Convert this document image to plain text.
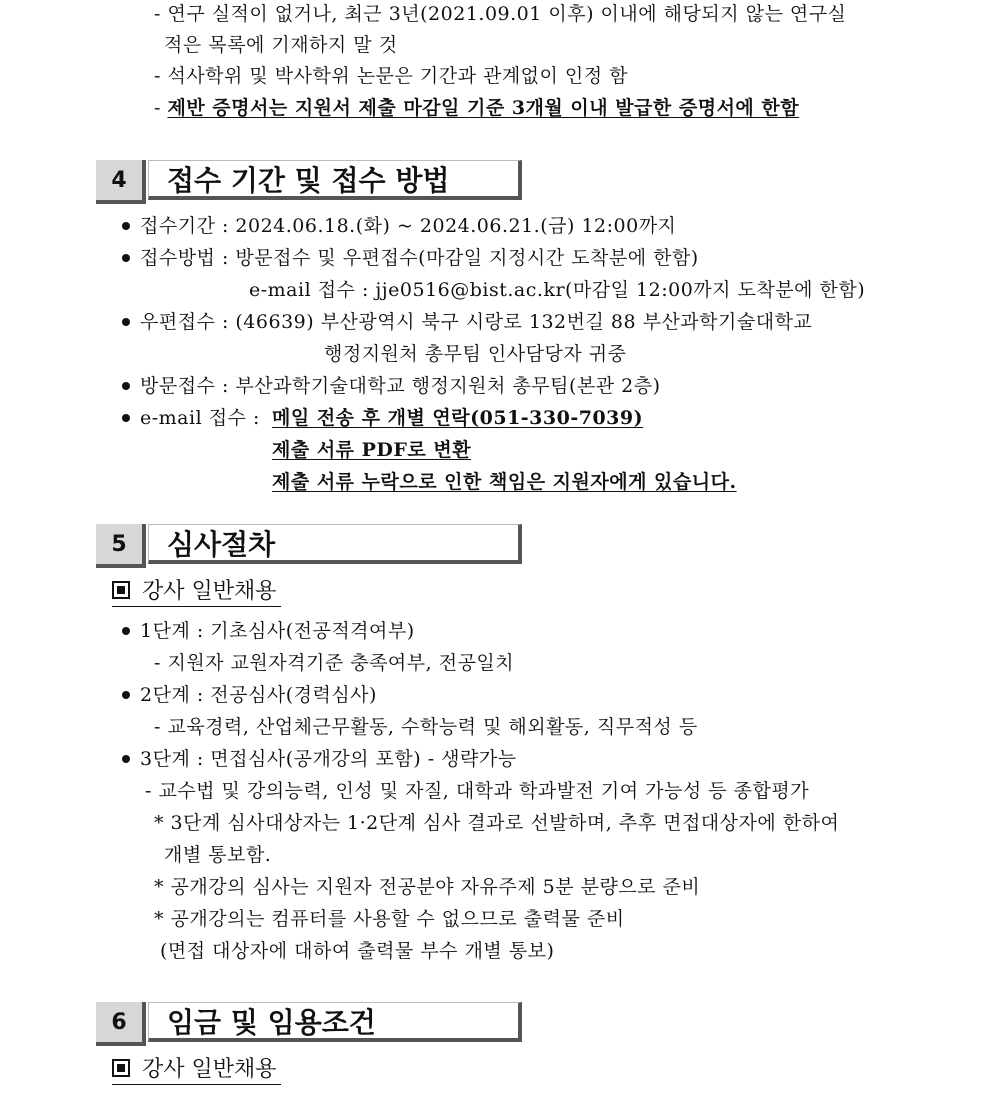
- 연구 실적이 없거나, 최근 3년(2021.09.01 이후) 이내에 해당되지 않는 연구실
적은 목록에 기재하지 말 것
- 석사학위 및 박사학위 논문은 기간과 관계없이 인정 함
- 제반 증명서는 지원서 제출 마감일 기준 3개월 이내 발급한 증명서에 한함
4	접수 기간 및 접수 방법
접수기간 : 2024.06.18.(화) ~ 2024.06.21.(금) 12:00까지
접수방법 : 방문접수 및 우편접수(마감일 지정시간 도착분에 한함)
e-mail 접수 : jje0516@bist.ac.kr(마감일 12:00까지 도착분에 한함)
우편접수 : (46639) 부산광역시 북구 시랑로 132번길 88 부산과학기술대학교
행정지원처 총무팀 인사담당자 귀중
방문접수 : 부산과학기술대학교 행정지원처 총무팀(본관 2층)
e-mail 접수 : 메일 전송 후 개별 연락(051-330-7039)
제출 서류 PDF로 변환
제출 서류 누락으로 인한 책임은 지원자에게 있습니다.
5	심사절차
강사 일반채용
1단계 : 기초심사(전공적격여부)
- 지원자 교원자격기준 충족여부, 전공일치
2단계 : 전공심사(경력심사)
- 교육경력, 산업체근무활동, 수학능력 및 해외활동, 직무적성 등
3단계 : 면접심사(공개강의 포함) - 생략가능
- 교수법 및 강의능력, 인성 및 자질, 대학과 학과발전 기여 가능성 등 종합평가
* 3단계 심사대상자는 1·2단계 심사 결과로 선발하며, 추후 면접대상자에 한하여
개별 통보함.
* 공개강의 심사는 지원자 전공분야 자유주제 5분 분량으로 준비
* 공개강의는 컴퓨터를 사용할 수 없으므로 출력물 준비
(면접 대상자에 대하여 출력물 부수 개별 통보)
6	임금 및 임용조건
강사 일반채용
